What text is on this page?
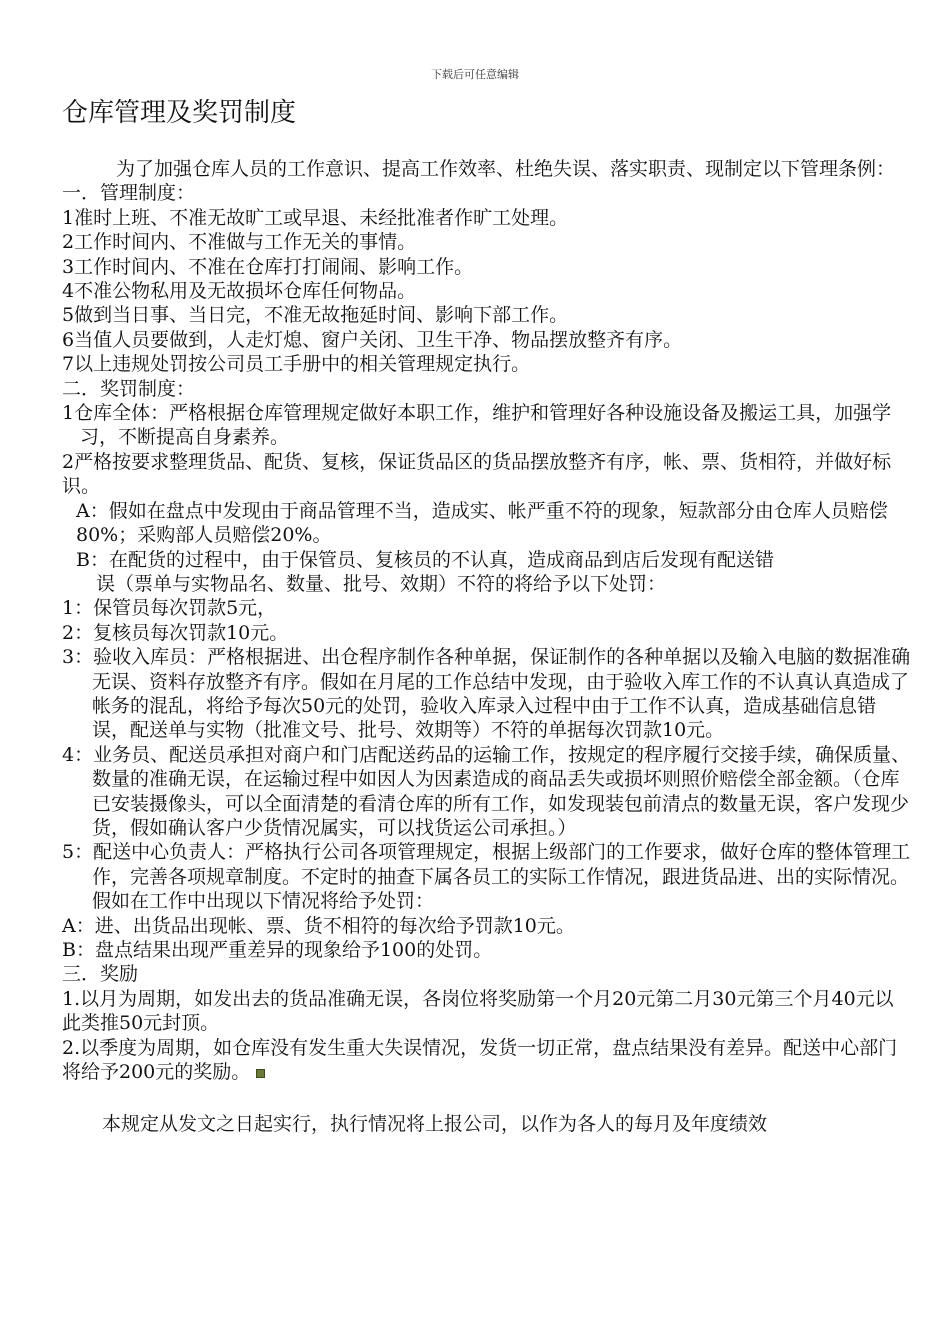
下载后可任意编辑
仓库管理及奖罚制度

为了加强仓库人员的工作意识、提高工作效率、杜绝失误、落实职责、现制定以下管理条例：

一．管理制度：

1准时上班、不准无故旷工或早退、未经批准者作旷工处理。

2工作时间内、不准做与工作无关的事情。

3工作时间内、不准在仓库打打闹闹、影响工作。

4不准公物私用及无故损坏仓库任何物品。

5做到当日事、当日完，不准无故拖延时间、影响下部工作。

6当值人员要做到，人走灯熄、窗户关闭、卫生干净、物品摆放整齐有序。

7以上违规处罚按公司员工手册中的相关管理规定执行。

二．奖罚制度：

1仓库全体：严格根据仓库管理规定做好本职工作，维护和管理好各种设施设备及搬运工具，加强学习，不断提高自身素养。

2严格按要求整理货品、配货、复核，保证货品区的货品摆放整齐有序，帐、票、货相符，并做好标识。

A：假如在盘点中发现由于商品管理不当，造成实、帐严重不符的现象，短款部分由仓库人员赔偿80%；采购部人员赔偿20%。

B：在配货的过程中，由于保管员、复核员的不认真，造成商品到店后发现有配送错
误（票单与实物品名、数量、批号、效期）不符的将给予以下处罚：

1：保管员每次罚款5元，

2：复核员每次罚款10元。

3：验收入库员：严格根据进、出仓程序制作各种单据，保证制作的各种单据以及输入电脑的数据准确无误、资料存放整齐有序。假如在月尾的工作总结中发现，由于验收入库工作的不认真认真造成了帐务的混乱，将给予每次50元的处罚，验收入库录入过程中由于工作不认真，造成基础信息错误，配送单与实物（批准文号、批号、效期等）不符的单据每次罚款10元。

4：业务员、配送员承担对商户和门店配送药品的运输工作，按规定的程序履行交接手续，确保质量、数量的准确无误，在运输过程中如因人为因素造成的商品丢失或损坏则照价赔偿全部金额。（仓库已安装摄像头，可以全面清楚的看清仓库的所有工作，如发现装包前清点的数量无误，客户发现少货，假如确认客户少货情况属实，可以找货运公司承担。）

5：配送中心负责人：严格执行公司各项管理规定，根据上级部门的工作要求，做好仓库的整体管理工作，完善各项规章制度。不定时的抽查下属各员工的实际工作情况，跟进货品进、出的实际情况。假如在工作中出现以下情况将给予处罚：

A：进、出货品出现帐、票、货不相符的每次给予罚款10元。

B：盘点结果出现严重差异的现象给予100的处罚。

三．奖励

1.以月为周期，如发出去的货品准确无误，各岗位将奖励第一个月20元第二月30元第三个月40元以此类推50元封顶。

2.以季度为周期，如仓库没有发生重大失误情况，发货一切正常，盘点结果没有差异。配送中心部门将给予200元的奖励。

本规定从发文之日起实行，执行情况将上报公司，以作为各人的每月及年度绩效
